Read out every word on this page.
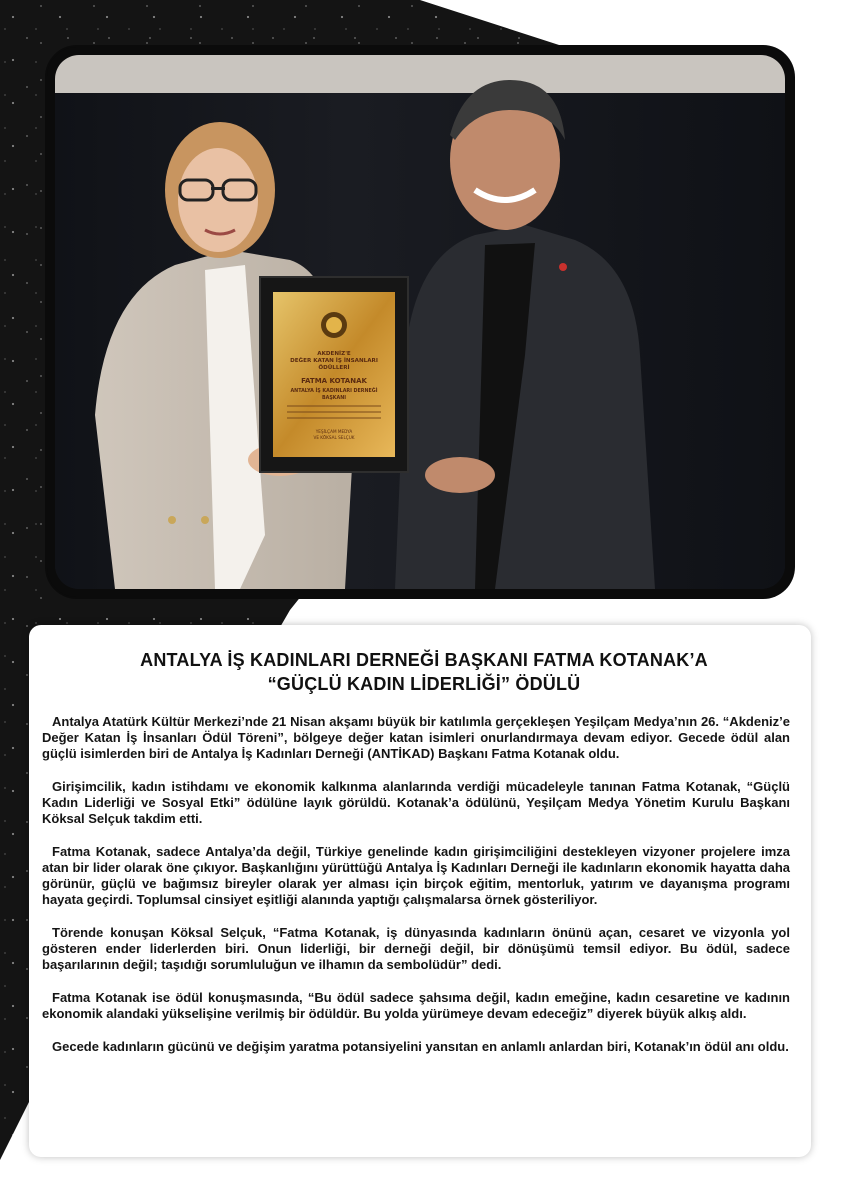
AKDENİZ'E
DEĞER KATAN İŞ İNSANLARI
ÖDÜLLERİ
FATMA KOTANAK
ANTALYA İŞ KADINLARI DERNEĞİ
BAŞKANI
YEŞİLÇAM MEDYA
VE KÖKSAL SELÇUK
ANTALYA İŞ KADINLARI DERNEĞİ BAŞKANI FATMA KOTANAK’A
“GÜÇLÜ KADIN LİDERLİĞİ” ÖDÜLÜ

Antalya Atatürk Kültür Merkezi’nde 21 Nisan akşamı büyük bir katılımla gerçekleşen Yeşilçam Medya’nın 26. “Akdeniz’e Değer Katan İş İnsanları Ödül Töreni”, bölgeye değer katan isimleri onurlandırmaya devam ediyor. Gecede ödül alan güçlü isimlerden biri de Antalya İş Kadınları Derneği (ANTİKAD) Başkanı Fatma Kotanak oldu.

Girişimcilik, kadın istihdamı ve ekonomik kalkınma alanlarında verdiği mücadeleyle tanınan Fatma Kotanak, “Güçlü Kadın Liderliği ve Sosyal Etki” ödülüne layık görüldü. Kotanak’a ödülünü, Yeşilçam Medya Yönetim Kurulu Başkanı Köksal Selçuk takdim etti.

Fatma Kotanak, sadece Antalya’da değil, Türkiye genelinde kadın girişimciliğini destekleyen vizyoner projelere imza atan bir lider olarak öne çıkıyor. Başkanlığını yürüttüğü Antalya İş Kadınları Derneği ile kadınların ekonomik hayatta daha görünür, güçlü ve bağımsız bireyler olarak yer alması için birçok eğitim, mentorluk, yatırım ve dayanışma programı hayata geçirdi. Toplumsal cinsiyet eşitliği alanında yaptığı çalışmalarsa örnek gösteriliyor.

Törende konuşan Köksal Selçuk, “Fatma Kotanak, iş dünyasında kadınların önünü açan, cesaret ve vizyonla yol gösteren ender liderlerden biri. Onun liderliği, bir derneği değil, bir dönüşümü temsil ediyor. Bu ödül, sadece başarılarının değil; taşıdığı sorumluluğun ve ilhamın da sembolüdür” dedi.

Fatma Kotanak ise ödül konuşmasında, “Bu ödül sadece şahsıma değil, kadın emeğine, kadın cesaretine ve kadının ekonomik alandaki yükselişine verilmiş bir ödüldür. Bu yolda yürümeye devam edeceğiz” diyerek büyük alkış aldı.

Gecede kadınların gücünü ve değişim yaratma potansiyelini yansıtan en anlamlı anlardan biri, Kotanak’ın ödül anı oldu.
